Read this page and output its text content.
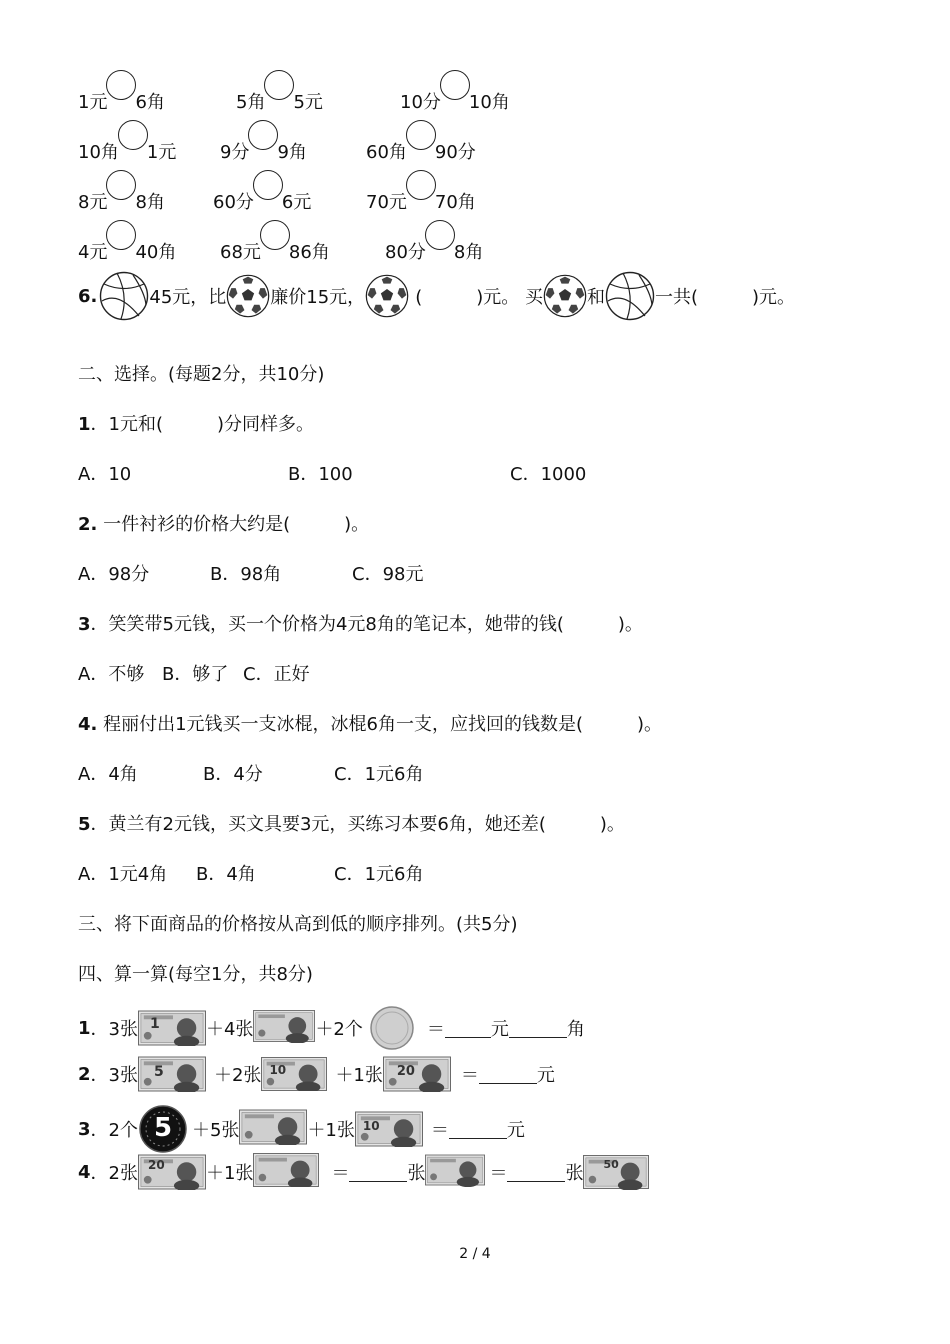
1元 6角	5角 5元	10分 10角
10角 1元 9分 9角	60角 90分
8元 8角	60分 6元	70元 70角
4元 40角 68元 86角	80分 8角
6.	45元，比 廉价15元，	(　　　)元。 买 和	一共(　　　)元。
二、选择。(每题2分，共10分)
1．1元和(　　　)分同样多。
A．10	B．100	C．1000
2. 一件衬衫的价格大约是(　　　)。
A．98分	B．98角	C．98元
3．笑笑带5元钱，买一个价格为4元8角的笔记本，她带的钱(　　　)。
A．不够 B．够了 C．正好
4. 程丽付出1元钱买一支冰棍，冰棍6角一支，应找回的钱数是(　　　)。
A．4角	B．4分	C．1元6角
5．黄兰有2元钱，买文具要3元，买练习本要6角，她还差(　　　)。
A．1元4角 B．4角	C．1元6角
三、将下面商品的价格按从高到低的顺序排列。(共5分)
四、算一算(每空1分，共8分)
1 ．3张 1	＋4张	＋2个	＝	元	角
2 ．3张 5	＋2张 10	＋1张 20	＝	元
3 ．2个 5	＋5张	＋1张 10	＝	元
4 ．2张 20 ＋1张	＝	张	＝	张 50
2 / 4
